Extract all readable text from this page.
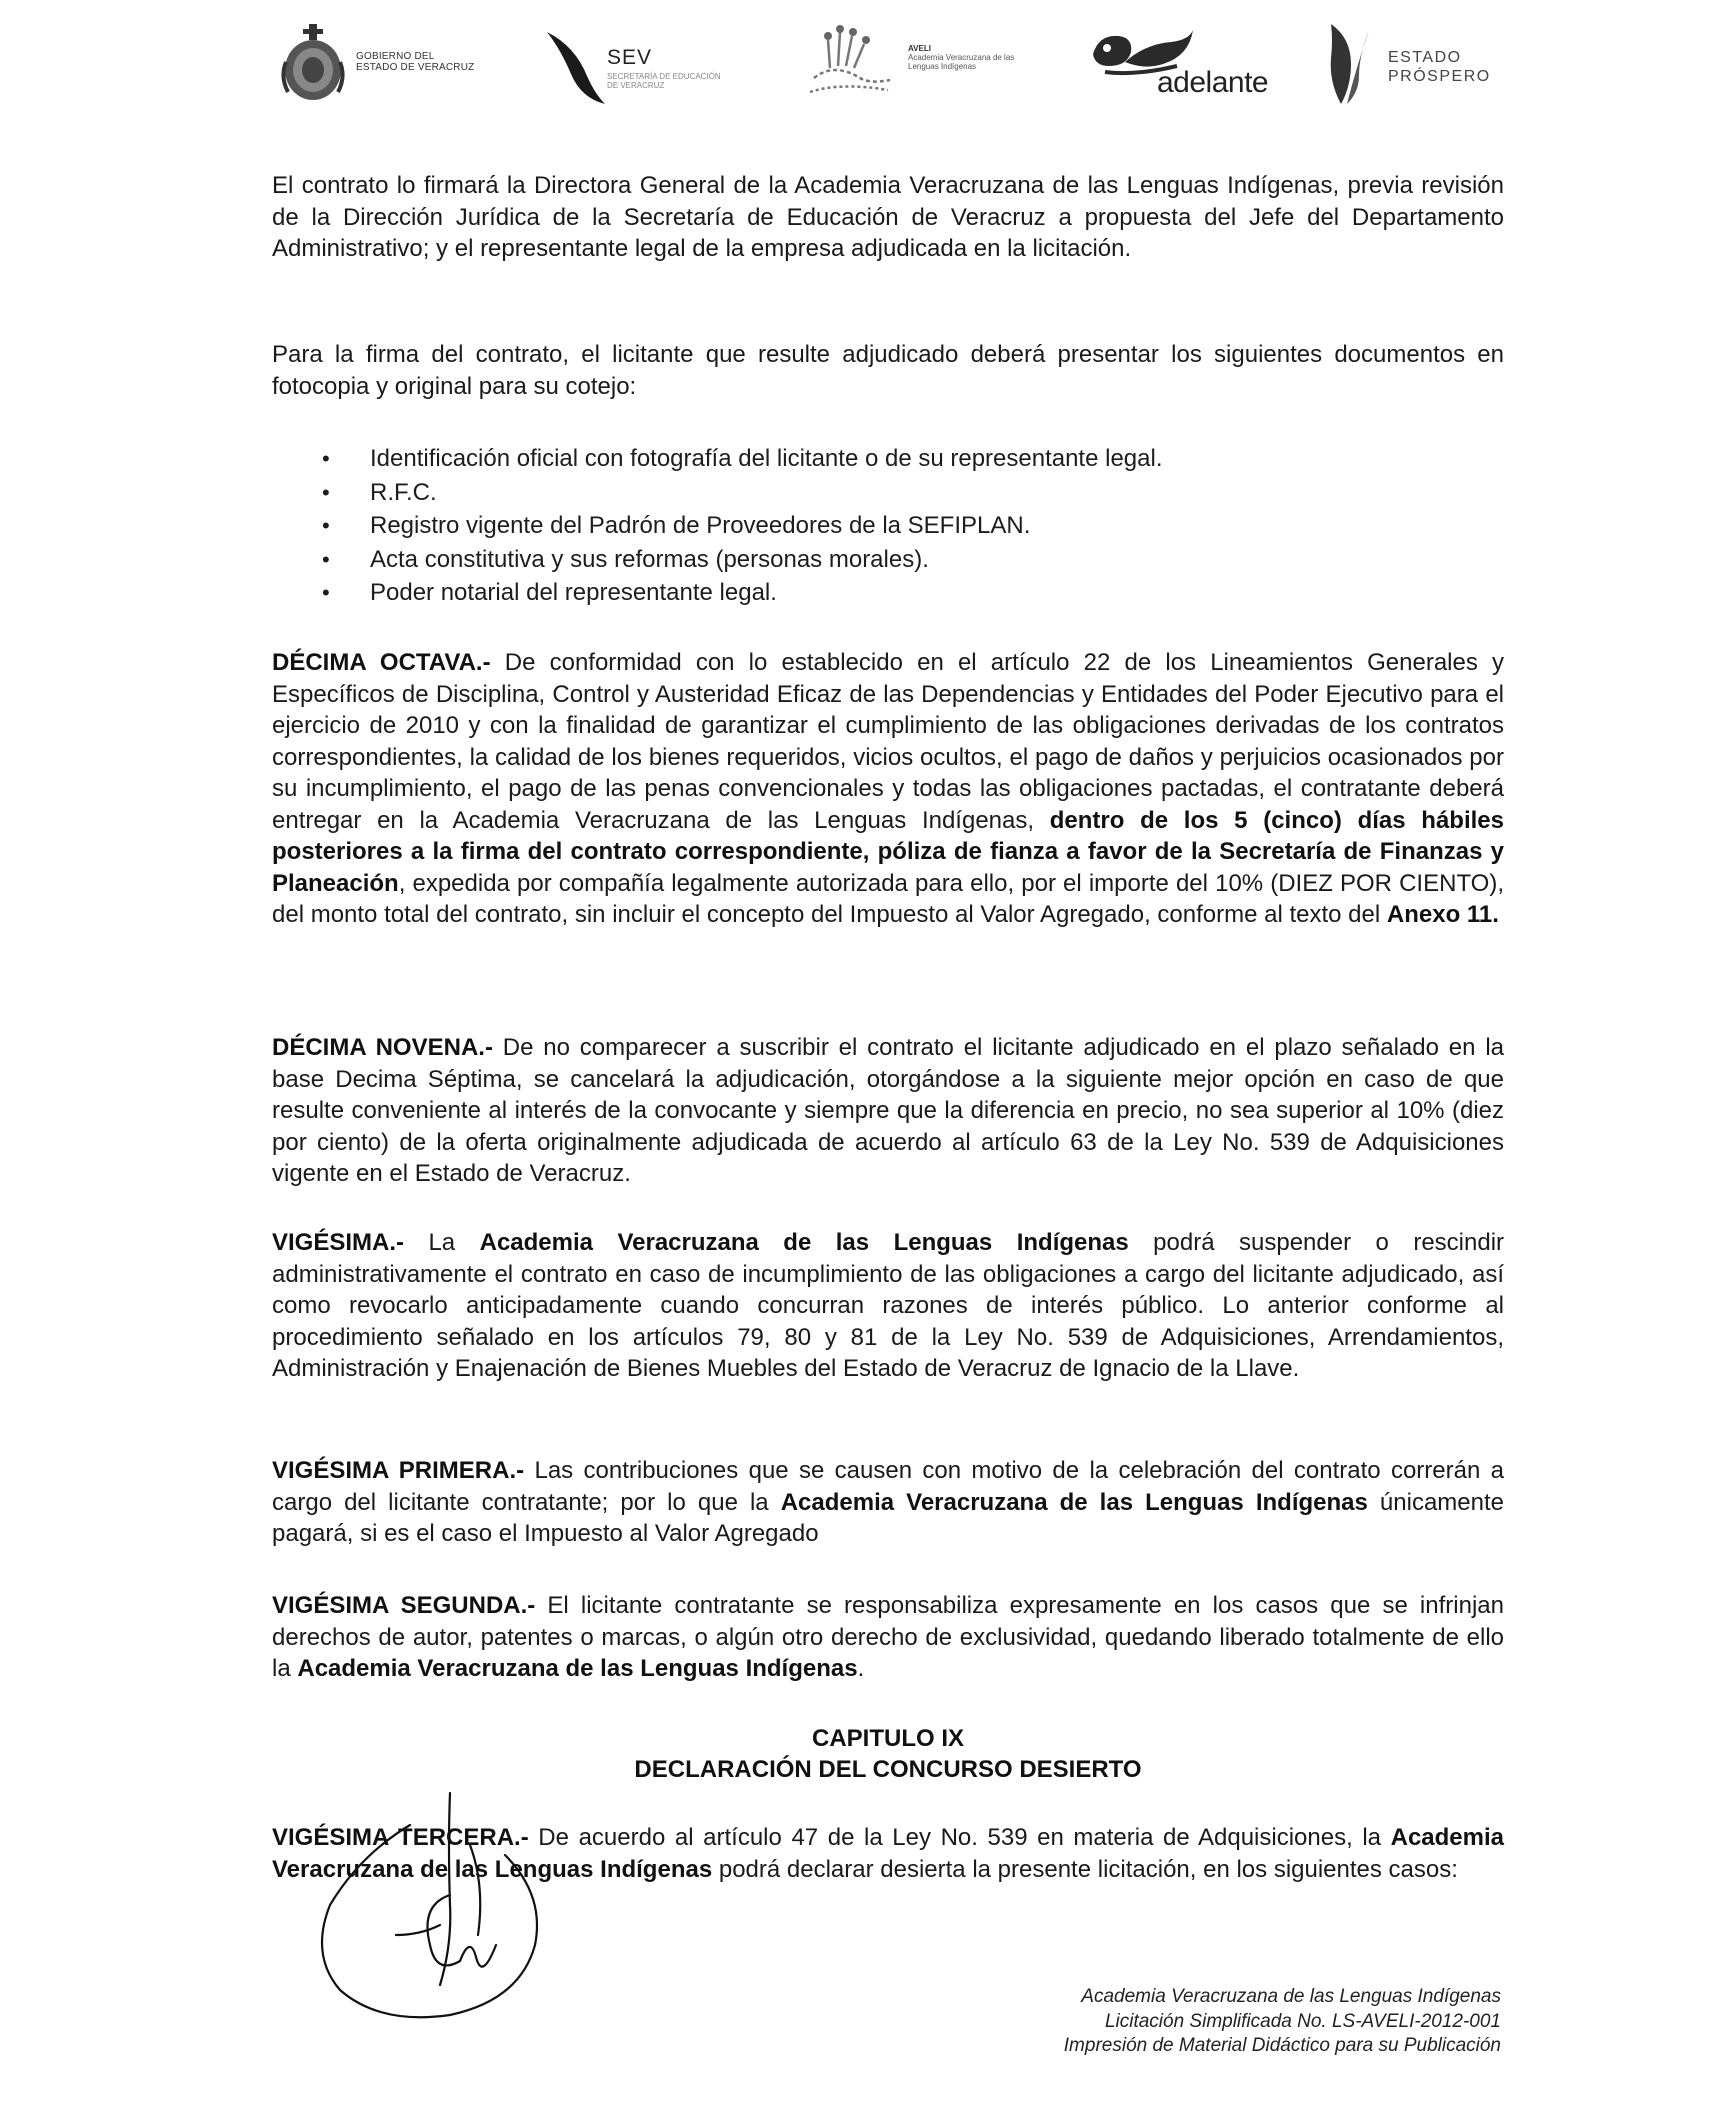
GOBIERNO DEL
ESTADO DE VERACRUZ	SEV
SECRETARÍA DE EDUCACIÓN
DE VERACRUZ
AVELI
Academia Veracruzana de las
Lenguas Indígenas	adelante
ESTADO
PRÓSPERO

El contrato lo firmará la Directora General de la Academia Veracruzana de las Lenguas Indígenas, previa revisión de la Dirección Jurídica de la Secretaría de Educación de Veracruz a propuesta del Jefe del Departamento Administrativo; y el representante legal de la empresa adjudicada en la licitación.

Para la firma del contrato, el licitante que resulte adjudicado deberá presentar los siguientes documentos en fotocopia y original para su cotejo:

• Identificación oficial con fotografía del licitante o de su representante legal.
• R.F.C.
• Registro vigente del Padrón de Proveedores de la SEFIPLAN.
• Acta constitutiva y sus reformas (personas morales).
• Poder notarial del representante legal.

DÉCIMA OCTAVA.- De conformidad con lo establecido en el artículo 22 de los Lineamientos Generales y Específicos de Disciplina, Control y Austeridad Eficaz de las Dependencias y Entidades del Poder Ejecutivo para el ejercicio de 2010 y con la finalidad de garantizar el cumplimiento de las obligaciones derivadas de los contratos correspondientes, la calidad de los bienes requeridos, vicios ocultos, el pago de daños y perjuicios ocasionados por su incumplimiento, el pago de las penas convencionales y todas las obligaciones pactadas, el contratante deberá entregar en la Academia Veracruzana de las Lenguas Indígenas, dentro de los 5 (cinco) días hábiles posteriores a la firma del contrato correspondiente, póliza de fianza a favor de la Secretaría de Finanzas y Planeación, expedida por compañía legalmente autorizada para ello, por el importe del 10% (DIEZ POR CIENTO), del monto total del contrato, sin incluir el concepto del Impuesto al Valor Agregado, conforme al texto del Anexo 11.

DÉCIMA NOVENA.- De no comparecer a suscribir el contrato el licitante adjudicado en el plazo señalado en la base Decima Séptima, se cancelará la adjudicación, otorgándose a la siguiente mejor opción en caso de que resulte conveniente al interés de la convocante y siempre que la diferencia en precio, no sea superior al 10% (diez por ciento) de la oferta originalmente adjudicada de acuerdo al artículo 63 de la Ley No. 539 de Adquisiciones vigente en el Estado de Veracruz.

VIGÉSIMA.- La Academia Veracruzana de las Lenguas Indígenas podrá suspender o rescindir administrativamente el contrato en caso de incumplimiento de las obligaciones a cargo del licitante adjudicado, así como revocarlo anticipadamente cuando concurran razones de interés público. Lo anterior conforme al procedimiento señalado en los artículos 79, 80 y 81 de la Ley No. 539 de Adquisiciones, Arrendamientos, Administración y Enajenación de Bienes Muebles del Estado de Veracruz de Ignacio de la Llave.

VIGÉSIMA PRIMERA.- Las contribuciones que se causen con motivo de la celebración del contrato correrán a cargo del licitante contratante; por lo que la Academia Veracruzana de las Lenguas Indígenas únicamente pagará, si es el caso el Impuesto al Valor Agregado

VIGÉSIMA SEGUNDA.- El licitante contratante se responsabiliza expresamente en los casos que se infrinjan derechos de autor, patentes o marcas, o algún otro derecho de exclusividad, quedando liberado totalmente de ello la Academia Veracruzana de las Lenguas Indígenas.

CAPITULO IX
DECLARACIÓN DEL CONCURSO DESIERTO

VIGÉSIMA TERCERA.- De acuerdo al artículo 47 de la Ley No. 539 en materia de Adquisiciones, la Academia Veracruzana de las Lenguas Indígenas podrá declarar desierta la presente licitación, en los siguientes casos:

Academia Veracruzana de las Lenguas Indígenas
Licitación Simplificada No. LS-AVELI-2012-001
Impresión de Material Didáctico para su Publicación
